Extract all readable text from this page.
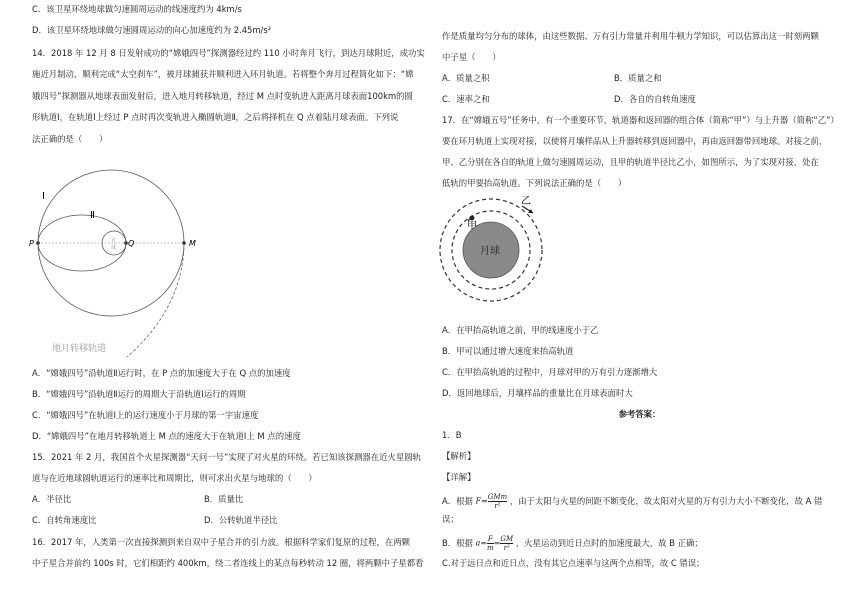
C．该卫星环绕地球做匀速圆周运动的线速度约为 4km/s
D．该卫星环绕地球做匀速圆周运动的向心加速度约为 2.45m/s²
14．2018 年 12 月 8 日发射成功的“嫦娥四号”探测器经过约 110 小时奔月飞行，到达月球附近，成功实
施近月制动，顺利完成“太空刹车”，被月球捕获并顺利进入环月轨道。若将整个奔月过程简化如下：“嫦
娥四号”探测器从地球表面发射后，进入地月转移轨道，经过 M 点时变轨进入距离月球表面100km的圆
形轨道Ⅰ，在轨道Ⅰ上经过 P 点时再次变轨进入椭圆轨道Ⅱ，之后将择机在 Q 点着陆月球表面。下列说
法正确的是（　　）
Ⅰ
Ⅱ
月
球
P	Q	M
地月转移轨道
A．“嫦娥四号”沿轨道Ⅱ运行时，在 P 点的加速度大于在 Q 点的加速度
B．“嫦娥四号”沿轨道Ⅱ运行的周期大于沿轨道Ⅰ运行的周期
C．“嫦娥四号”在轨道Ⅰ上的运行速度小于月球的第一宇宙速度
D．“嫦娥四号”在地月转移轨道上 M 点的速度大于在轨道Ⅰ上 M 点的速度
15．2021 年 2 月，我国首个火星探测器“天问一号”实现了对火星的环绕。若已知该探测器在近火星圆轨
道与在近地球圆轨道运行的速率比和周期比，则可求出火星与地球的（　　）
A．半径比	B．质量比
C．自转角速度比	D．公转轨道半径比
16．2017 年，人类第一次直接探测到来自双中子星合并的引力波。根据科学家们复原的过程，在两颗
中子星合并前约 100s 时，它们相距约 400km，绕二者连线上的某点每秒转动 12 圈，将两颗中子星都看
作是质量均匀分布的球体，由这些数据、万有引力常量并利用牛顿力学知识，可以估算出这一时刻两颗
中子星（　　）
A．质量之积	B．质量之和
C．速率之和	D．各自的自转角速度
17．在“嫦娥五号”任务中，有一个重要环节，轨道器和返回器的组合体（简称“甲”）与上升器（简称“乙”）
要在环月轨道上实现对接，以使将月壤样品从上升器转移到返回器中，再由返回器带回地球。对接之前，
甲、乙分别在各自的轨道上做匀速圆周运动，且甲的轨道半径比乙小，如图所示，为了实现对接，处在
低轨的甲要抬高轨道。下列说法正确的是（　　）
甲
乙
月球
A．在甲抬高轨道之前，甲的线速度小于乙
B．甲可以通过增大速度来抬高轨道
C．在甲抬高轨道的过程中，月球对甲的万有引力逐渐增大
D．返回地球后，月壤样品的重量比在月球表面时大
参考答案：
1．B
【解析】
【详解】
A．根据 F= GMm
r²	，由于太阳与火星的间距不断变化，故太阳对火星的万有引力大小不断变化，故 A 错
误；
B．根据 $a= \frac{F}{m} = \frac{GM}{\text{r²}}$ ，火星运动到近日点时的加速度最大，故 B 正确；
C.对于远日点和近日点，没有其它点速率与这两个点相等，故 C 错误；
